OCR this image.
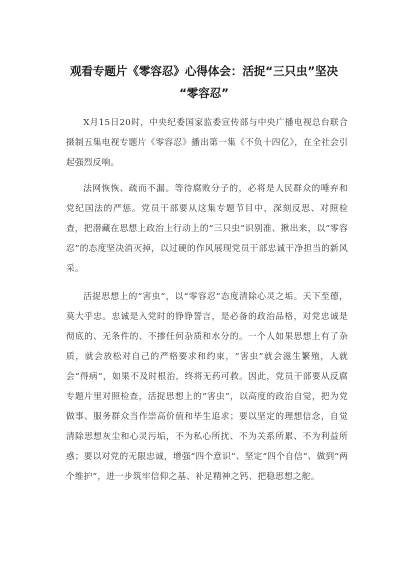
观看专题片《零容忍》心得体会：活捉“三只虫”坚决
“零容忍”

X月15日20时，中央纪委国家监委宣传部与中央广播电视总台联合摄制五集电视专题片《零容忍》播出第一集《不负十四亿》，在全社会引起强烈反响。

法网恢恢、疏而不漏。等待腐败分子的，必将是人民群众的唾弃和党纪国法的严惩。党员干部要从这集专题节目中，深刻反思、对照检查，把潜藏在思想上政治上行动上的“三只虫”识别准、揪出来，以“零容忍”的态度坚决消灭掉，以过硬的作风展现党员干部忠诚干净担当的新风采。

活捉思想上的“害虫”，以“零容忍”态度清除心灵之垢。天下至德，莫大乎忠。忠诚是入党时的铮铮誓言，是必备的政治品格，对党忠诚是彻底的、无条件的、不掺任何杂质和水分的。一个人如果思想上有了杂质，就会放松对自己的严格要求和约束，“害虫”就会滋生繁殖，人就会“得病”，如果不及时根治，终将无药可救。因此，党员干部要从反腐专题片里对照检查，活捉思想上的“害虫”，以高度的政治自觉，把为党做事、服务群众当作崇高价值和毕生追求；要以坚定的理想信念，自觉清除思想灰尘和心灵污垢，不为私心所扰、不为关系所累、不为利益所惑；要以对党的无限忠诚，增强“四个意识”、坚定“四个自信”、做到“两个维护”，进一步筑牢信仰之基、补足精神之钙、把稳思想之舵。
